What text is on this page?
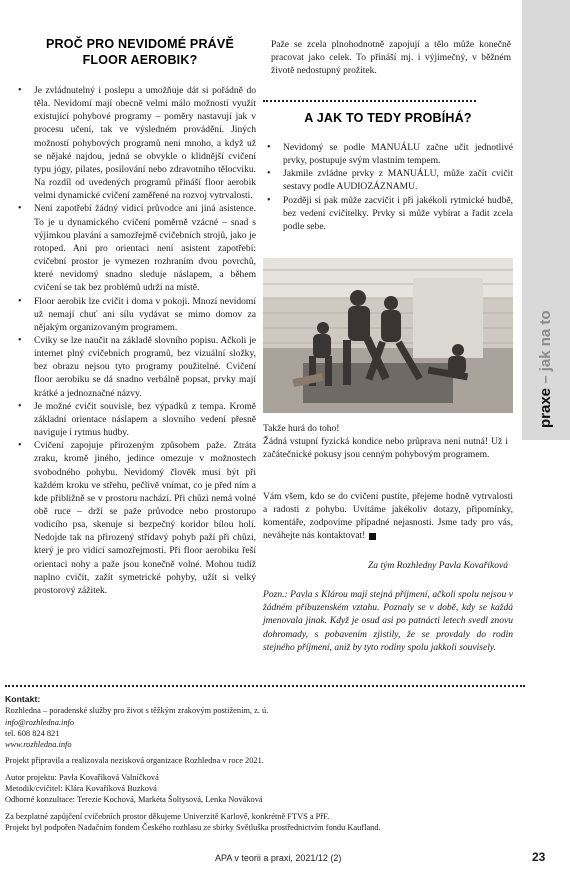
PROČ PRO NEVIDOMÉ PRÁVĚ
FLOOR AEROBIK?
• Je zvládnutelný i poslepu a umožňuje dát si pořádně do těla. Nevidomí mají obecně velmi málo možností využít existující pohybové programy – poměry nastavují jak v procesu učení, tak ve výsledném provádění. Jiných možností pohybových programů není mnoho, a když už se nějaké najdou, jedná se obvykle o klidnější cvičení typu jógy, pilates, posilování nebo zdravotního tělocviku. Na rozdíl od uvedených programů přináší floor aerobik velmi dynamické cvičení zaměřené na rozvoj vytrvalosti.
• Není zapotřebí žádný vidicí průvodce ani jiná asistence. To je u dynamického cvičení poměrně vzácné – snad s výjimkou plavání a samozřejmě cvičebních strojů, jako je rotoped. Ani pro orientaci není asistent zapotřebí: cvičební prostor je vymezen rozhraním dvou povrchů, které nevidomý snadno sleduje náslapem, a během cvičení se tak bez problémů udrží na místě.
• Floor aerobik lze cvičit i doma v pokoji. Mnozí nevidomí už nemají chuť ani sílu vydávat se mimo domov za nějakým organizovaným programem.
• Cviky se lze naučit na základě slovního popisu. Ačkoli je internet plný cvičebních programů, bez vizuální složky, bez obrazu nejsou tyto programy použitelné. Cvičení floor aerobiku se dá snadno verbálně popsat, prvky mají krátké a jednoznačné názvy.
• Je možné cvičit souvisle, bez výpadků z tempa. Kromě základní orientace náslapem a slovního vedení přesně naviguje i rytmus hudby.
• Cvičení zapojuje přirozeným způsobem paže. Ztráta zraku, kromě jiného, jedince omezuje v možnostech svobodného pohybu. Nevidomý člověk musí být při každém kroku ve střehu, pečlivě vnímat, co je před ním a kde přibližně se v prostoru nachází. Při chůzi nemá volné obě ruce – drží se paže průvodce nebo prostorupo vodicího psa, skenuje si bezpečný koridor bílou holí. Nedojde tak na přirozený střídavý pohyb paží při chůzi, který je pro vidící samozřejmostí. Při floor aerobiku řeší orientaci nohy a paže jsou konečně volné. Mohou tudíž naplno cvičit, zažít symetrické pohyby, užít si velký prostorový zážitek.

Paže se zcela plnohodnotně zapojují a tělo může konečně pracovat jako celek. To přináší mj. i výjimečný, v běžném životě nedostupný prožitek.

A JAK TO TEDY PROBÍHÁ?
• Nevidomý se podle MANUÁLU začne učit jednotlivé prvky, postupuje svým vlastním tempem.
• Jakmile zvládne prvky z MANUÁLU, může začít cvičit sestavy podle AUDIOZÁZNAMU.
• Později si pak může zacvičit i při jakékoli rytmické hudbě, bez vedení cvičitelky. Prvky si může vybírat a řadit zcela podle sebe.

Takže hurá do toho!

Žádná vstupní fyzická kondice nebo průprava není nutná! Už i začátečnické pokusy jsou cenným pohybovým programem.

Vám všem, kdo se do cvičení pustíte, přejeme hodně vytrvalosti a radosti z pohybu. Uvítáme jakékoliv dotazy, připomínky, komentáře, zodpovíme případné nejasnosti. Jsme tady pro vás, neváhejte nás kontaktovat!

Za tým Rozhledny Pavla Kovaříková

Pozn.: Pavla s Klárou mají stejná příjmení, ačkoli spolu nejsou v žádném příbuzenském vztahu. Poznaly se v době, kdy se každá jmenovala jinak. Když je osud asi po patnácti letech svedl znovu dohromady, s pobavením zjistily, že se provdaly do rodin stejného příjmení, aniž by tyto rodiny spolu jakkoli souvisely.

praxe – jak na to
Kontakt:
Rozhledna – poradenské služby pro život s těžkým zrakovým postižením, z. ú.
info@rozhledna.info
tel. 608 824 821
www.rozhledna.info
Projekt připravila a realizovala nezisková organizace Rozhledna v roce 2021.
Autor projektu: Pavla Kovaříková Valníčková
Metodik/cvičitel: Klára Kovaříková Buzková
Odborné konzultace: Terezie Kochová, Markéta Šoltysová, Lenka Nováková
Za bezplatné zapůjčení cvičebních prostor děkujeme Univerzitě Karlově, konkrétně FTVS a PřF.
Projekt byl podpořen Nadačním fondem Českého rozhlasu ze sbírky Světluška prostřednictvím fondu Kaufland.
APA v teorii a praxi, 2021/12 (2)	23
